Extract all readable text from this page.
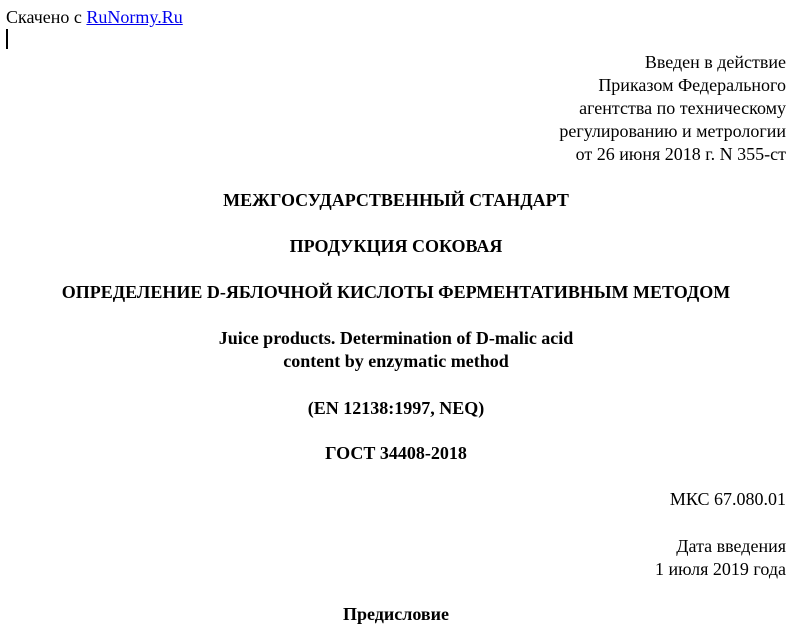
Скачено с RuNormy.Ru
Введен в действие
Приказом Федерального
агентства по техническому
регулированию и метрологии
от 26 июня 2018 г. N 355-ст
МЕЖГОСУДАРСТВЕННЫЙ СТАНДАРТ
ПРОДУКЦИЯ СОКОВАЯ
ОПРЕДЕЛЕНИЕ D-ЯБЛОЧНОЙ КИСЛОТЫ ФЕРМЕНТАТИВНЫМ МЕТОДОМ
Juice products. Determination of D-malic acid
content by enzymatic method
(EN 12138:1997, NEQ)
ГОСТ 34408-2018
МКС 67.080.01
Дата введения
1 июля 2019 года
Предисловие
